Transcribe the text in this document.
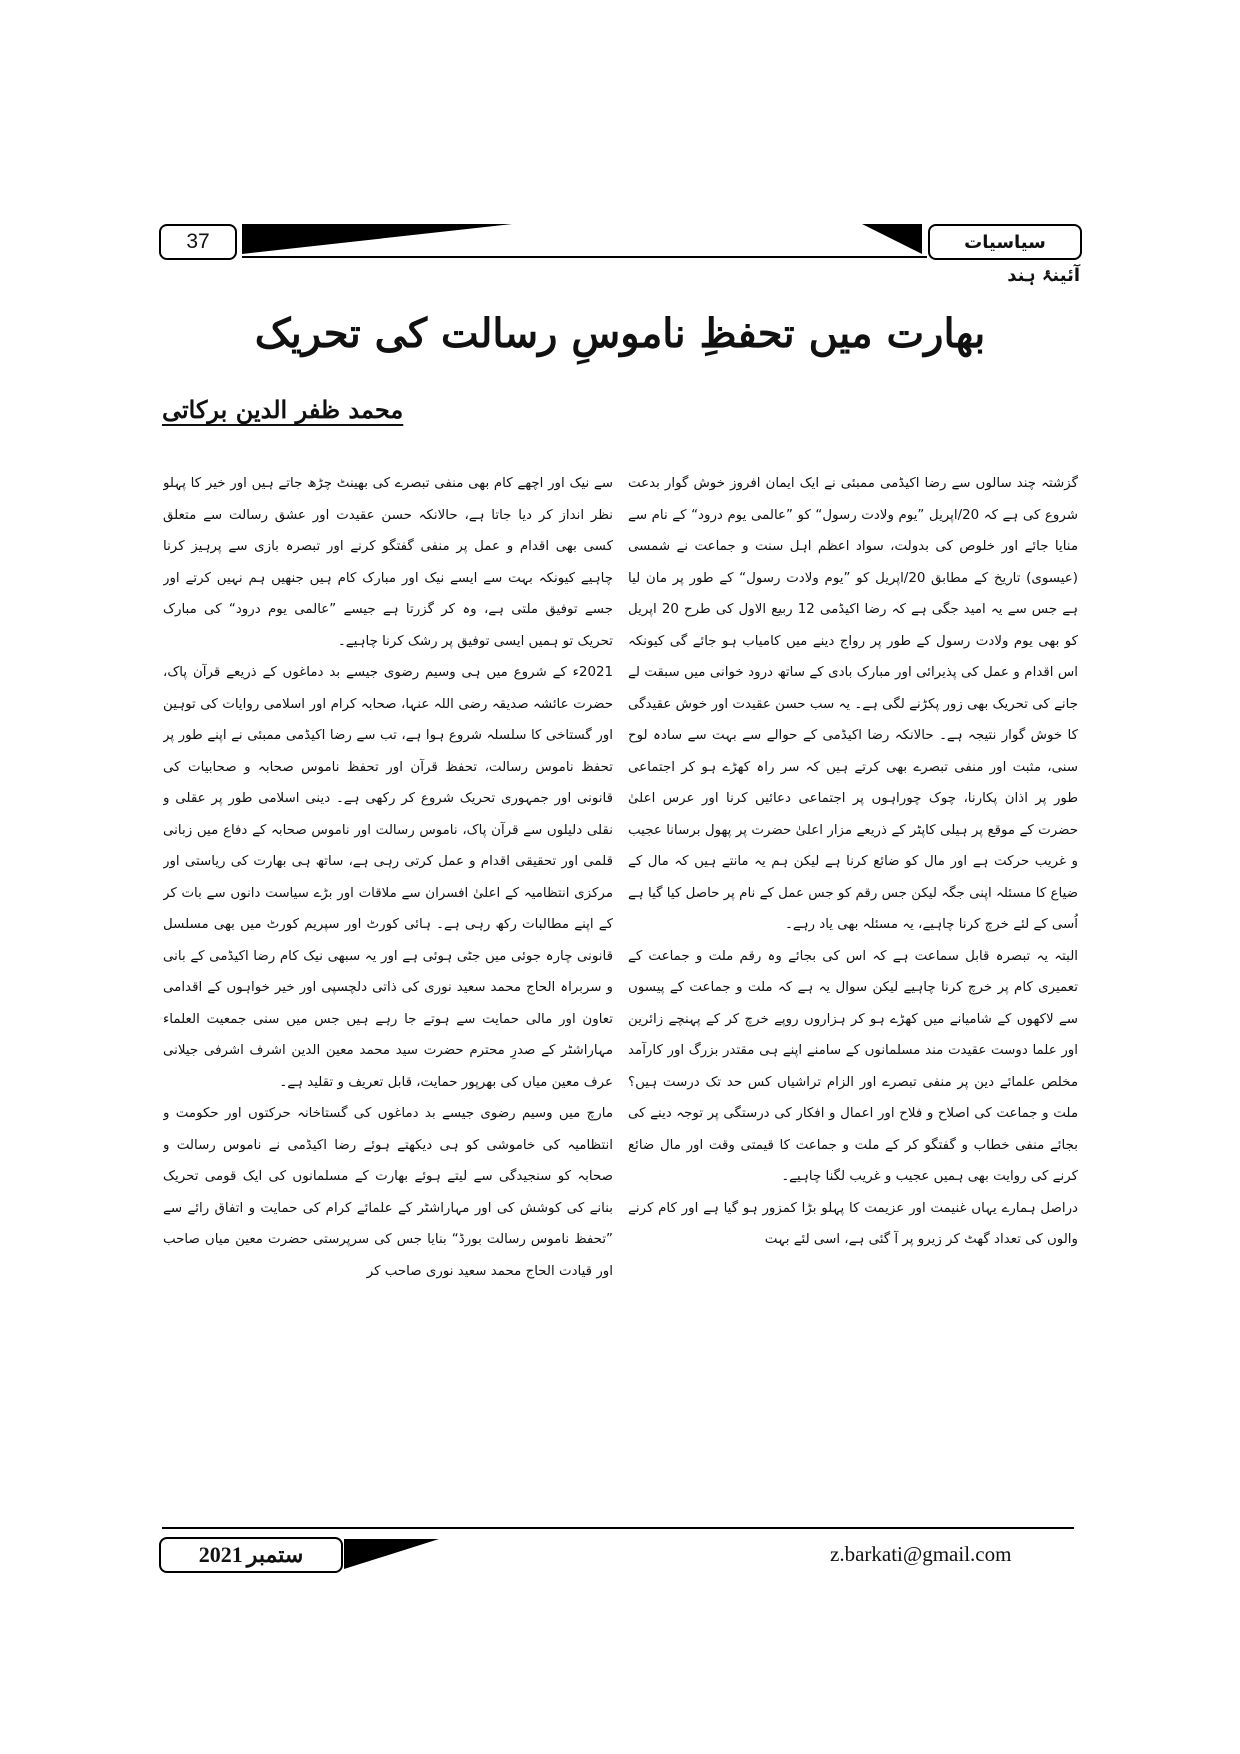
37	سیاسیات
آئینۂ ہند
بھارت میں تحفظِ ناموسِ رسالت کی تحریک
محمد ظفر الدین برکاتی

گزشتہ چند سالوں سے رضا اکیڈمی ممبئی نے ایک ایمان افروز خوش گوار بدعت شروع کی ہے کہ 20/اپریل ”یوم ولادت رسول“ کو ”عالمی یوم درود“ کے نام سے منایا جائے اور خلوص کی بدولت، سواد اعظم اہل سنت و جماعت نے شمسی (عیسوی) تاریخ کے مطابق 20/اپریل کو ”یوم ولادت رسول“ کے طور پر مان لیا ہے جس سے یہ امید جگی ہے کہ رضا اکیڈمی 12 ربیع الاول کی طرح 20 اپریل کو بھی یوم ولادت رسول کے طور پر رواج دینے میں کامیاب ہو جائے گی کیونکہ اس اقدام و عمل کی پذیرائی اور مبارک بادی کے ساتھ درود خوانی میں سبقت لے جانے کی تحریک بھی زور پکڑنے لگی ہے۔ یہ سب حسن عقیدت اور خوش عقیدگی کا خوش گوار نتیجہ ہے۔ حالانکہ رضا اکیڈمی کے حوالے سے بہت سے سادہ لوح سنی، مثبت اور منفی تبصرے بھی کرتے ہیں کہ سر راہ کھڑے ہو کر اجتماعی طور پر اذان پکارنا، چوک چوراہوں پر اجتماعی دعائیں کرنا اور عرس اعلیٰ حضرت کے موقع پر ہیلی کاپٹر کے ذریعے مزار اعلیٰ حضرت پر پھول برسانا عجیب و غریب حرکت ہے اور مال کو ضائع کرنا ہے لیکن ہم یہ مانتے ہیں کہ مال کے ضیاع کا مسئلہ اپنی جگہ لیکن جس رقم کو جس عمل کے نام پر حاصل کیا گیا ہے اُسی کے لئے خرچ کرنا چاہیے، یہ مسئلہ بھی یاد رہے۔

البتہ یہ تبصرہ قابل سماعت ہے کہ اس کی بجائے وہ رقم ملت و جماعت کے تعمیری کام پر خرچ کرنا چاہیے لیکن سوال یہ ہے کہ ملت و جماعت کے پیسوں سے لاکھوں کے شامیانے میں کھڑے ہو کر ہزاروں روپے خرچ کر کے پہنچے زائرین اور علما دوست عقیدت مند مسلمانوں کے سامنے اپنے ہی مقتدر بزرگ اور کارآمد مخلص علمائے دین پر منفی تبصرے اور الزام تراشیاں کس حد تک درست ہیں؟ ملت و جماعت کی اصلاح و فلاح اور اعمال و افکار کی درستگی پر توجہ دینے کی بجائے منفی خطاب و گفتگو کر کے ملت و جماعت کا قیمتی وقت اور مال ضائع کرنے کی روایت بھی ہمیں عجیب و غریب لگنا چاہیے۔

دراصل ہمارے یہاں غنیمت اور عزیمت کا پہلو بڑا کمزور ہو گیا ہے اور کام کرنے والوں کی تعداد گھٹ کر زیرو پر آ گئی ہے، اسی لئے بہت

سے نیک اور اچھے کام بھی منفی تبصرے کی بھینٹ چڑھ جاتے ہیں اور خیر کا پہلو نظر انداز کر دیا جاتا ہے، حالانکہ حسن عقیدت اور عشق رسالت سے متعلق کسی بھی اقدام و عمل پر منفی گفتگو کرنے اور تبصرہ بازی سے پرہیز کرنا چاہیے کیونکہ بہت سے ایسے نیک اور مبارک کام ہیں جنھیں ہم نہیں کرتے اور جسے توفیق ملتی ہے، وہ کر گزرتا ہے جیسے ”عالمی یوم درود“ کی مبارک تحریک تو ہمیں ایسی توفیق پر رشک کرنا چاہیے۔

2021ء کے شروع میں ہی وسیم رضوی جیسے بد دماغوں کے ذریعے قرآن پاک، حضرت عائشہ صدیقہ رضی اللہ عنہا، صحابہ کرام اور اسلامی روایات کی توہین اور گستاخی کا سلسلہ شروع ہوا ہے، تب سے رضا اکیڈمی ممبئی نے اپنے طور پر تحفظ ناموس رسالت، تحفظ قرآن اور تحفظ ناموس صحابہ و صحابیات کی قانونی اور جمہوری تحریک شروع کر رکھی ہے۔ دینی اسلامی طور پر عقلی و نقلی دلیلوں سے قرآن پاک، ناموس رسالت اور ناموس صحابہ کے دفاع میں زبانی قلمی اور تحقیقی اقدام و عمل کرتی رہی ہے، ساتھ ہی بھارت کی ریاستی اور مرکزی انتظامیہ کے اعلیٰ افسران سے ملاقات اور بڑے سیاست دانوں سے بات کر کے اپنے مطالبات رکھ رہی ہے۔ ہائی کورٹ اور سپریم کورٹ میں بھی مسلسل قانونی چارہ جوئی میں جٹی ہوئی ہے اور یہ سبھی نیک کام رضا اکیڈمی کے بانی و سربراہ الحاج محمد سعید نوری کی ذاتی دلچسپی اور خیر خواہوں کے اقدامی تعاون اور مالی حمایت سے ہوتے جا رہے ہیں جس میں سنی جمعیت العلماء مہاراشٹر کے صدرِ محترم حضرت سید محمد معین الدین اشرف اشرفی جیلانی عرف معین میاں کی بھرپور حمایت، قابل تعریف و تقلید ہے۔

مارچ میں وسیم رضوی جیسے بد دماغوں کی گستاخانہ حرکتوں اور حکومت و انتظامیہ کی خاموشی کو ہی دیکھتے ہوئے رضا اکیڈمی نے ناموس رسالت و صحابہ کو سنجیدگی سے لیتے ہوئے بھارت کے مسلمانوں کی ایک قومی تحریک بنانے کی کوشش کی اور مہاراشٹر کے علمائے کرام کی حمایت و اتفاق رائے سے ”تحفظ ناموس رسالت بورڈ“ بنایا جس کی سرپرستی حضرت معین میاں صاحب اور قیادت الحاج محمد سعید نوری صاحب کر

ستمبر
2021	z.barkati@gmail.com
